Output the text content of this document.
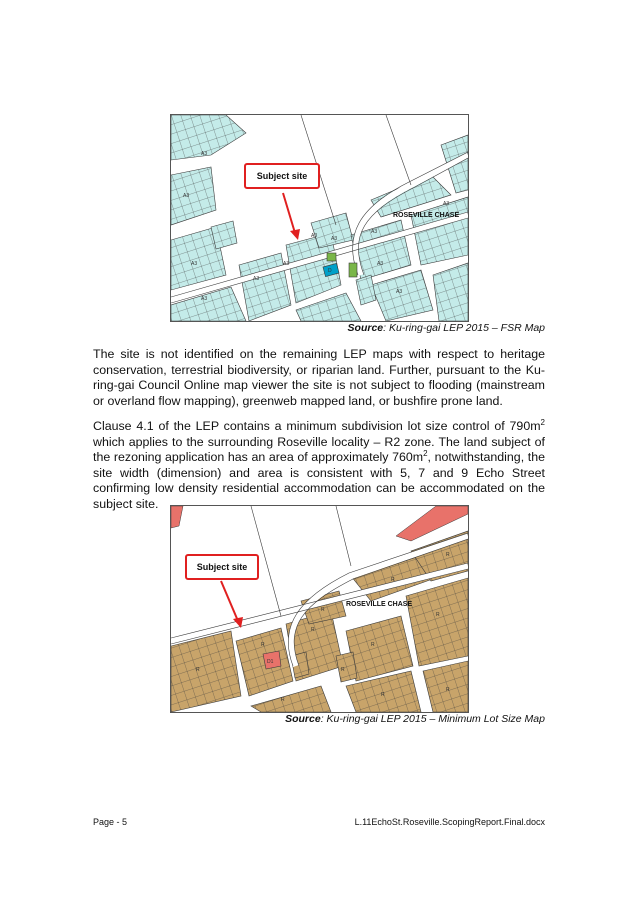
ROSEVILLE CHASE
A3
A3
A3
A3
A3
A3
A3	A3
A3
A3
A3
A3
D
Subject site
Source: Ku-ring-gai LEP 2015 – FSR Map

The site is not identified on the remaining LEP maps with respect to heritage conservation, terrestrial biodiversity, or riparian land. Further, pursuant to the Ku-ring-gai Council Online map viewer the site is not subject to flooding (mainstream or overland flow mapping), greenweb mapped land, or bushfire prone land.

Clause 4.1 of the LEP contains a minimum subdivision lot size control of $790m^2$ which applies to the surrounding Roseville locality – R2 zone. The land subject of the rezoning application has an area of approximately $760m^2$, notwithstanding, the site width (dimension) and area is consistent with 5, 7 and 9 Echo Street confirming low density residential accommodation can be accommodated on the subject site.

ROSEVILLE CHASE
R
R
R
R
R
R
R
R
R
R
R
R
D1
Subject site
Source: Ku-ring-gai LEP 2015 – Minimum Lot Size Map
Page - 5	L.11EchoSt.Roseville.ScopingReport.Final.docx
